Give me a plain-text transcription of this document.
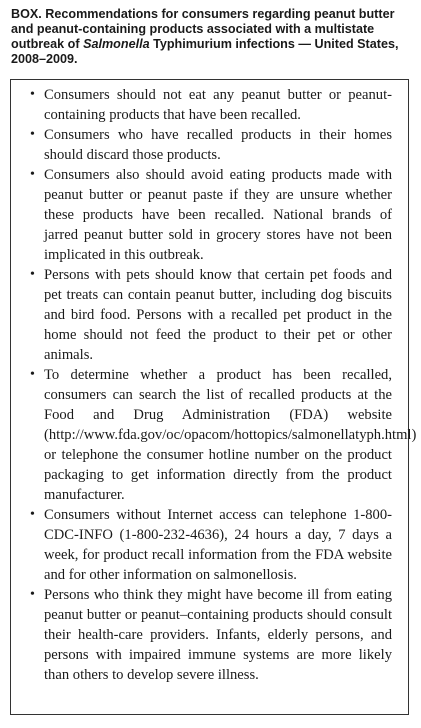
BOX. Recommendations for consumers regarding peanut butter and peanut-containing products associated with a multistate outbreak of Salmonella Typhimurium infections — United States, 2008–2009.
• Consumers should not eat any peanut butter or peanut-containing products that have been recalled.
• Consumers who have recalled products in their homes should discard those products.
• Consumers also should avoid eating products made with peanut butter or peanut paste if they are unsure whether these products have been recalled. National brands of jarred peanut butter sold in grocery stores have not been implicated in this outbreak.
• Persons with pets should know that certain pet foods and pet treats can contain peanut butter, including dog biscuits and bird food. Persons with a recalled pet product in the home should not feed the product to their pet or other animals.
• To determine whether a product has been recalled, consumers can search the list of recalled products at the Food and Drug Administration (FDA) website (http://www.fda.gov/oc/opacom/hottopics/salmonellatyph.html) or telephone the consumer hotline number on the product packaging to get information directly from the product manufacturer.
• Consumers without Internet access can telephone 1-800-CDC-INFO (1-800-232-4636), 24 hours a day, 7 days a week, for product recall information from the FDA website and for other information on salmonellosis.
• Persons who think they might have become ill from eating peanut butter or peanut–containing products should consult their health-care providers. Infants, elderly persons, and persons with impaired immune systems are more likely than others to develop severe illness.
